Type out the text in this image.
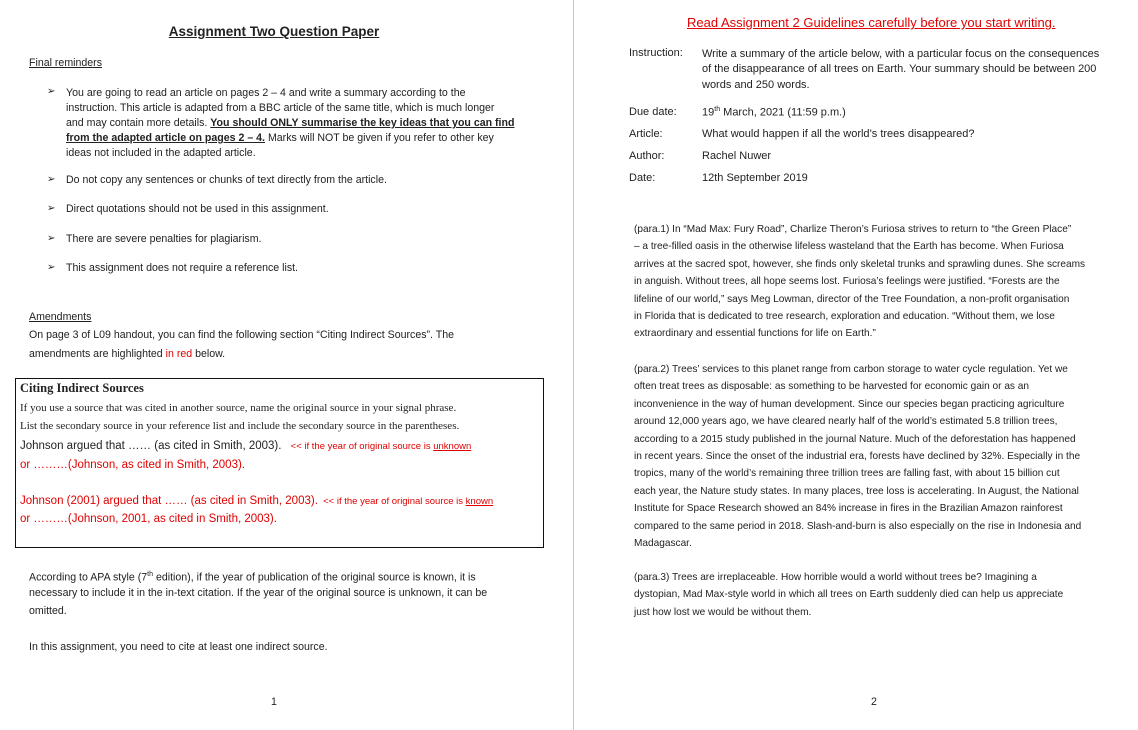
Assignment Two Question Paper
Final reminders
➢ You are going to read an article on pages 2 – 4 and write a summary according to the
instruction. This article is adapted from a BBC article of the same title, which is much longer
and may contain more details. You should ONLY summarise the key ideas that you can find
from the adapted article on pages 2 – 4. Marks will NOT be given if you refer to other key
ideas not included in the adapted article.
➢ Do not copy any sentences or chunks of text directly from the article.
➢ Direct quotations should not be used in this assignment.
➢ There are severe penalties for plagiarism.
➢ This assignment does not require a reference list.
Amendments
On page 3 of L09 handout, you can find the following section “Citing Indirect Sources”. The
amendments are highlighted in red below.
Citing Indirect Sources
If you use a source that was cited in another source, name the original source in your signal phrase.
List the secondary source in your reference list and include the secondary source in the parentheses.
Johnson argued that …… (as cited in Smith, 2003). << if the year of original source is unknown
or ………(Johnson, as cited in Smith, 2003).
Johnson (2001) argued that …… (as cited in Smith, 2003). << if the year of original source is known
or ………(Johnson, 2001, as cited in Smith, 2003).
According to APA style (7th edition), if the year of publication of the original source is known, it is
necessary to include it in the in-text citation. If the year of the original source is unknown, it can be
omitted.
In this assignment, you need to cite at least one indirect source.
1
Read Assignment 2 Guidelines carefully before you start writing.
Instruction: Write a summary of the article below, with a particular focus on the consequences
of the disappearance of all trees on Earth. Your summary should be between 200
words and 250 words.
Due date: 19th March, 2021 (11:59 p.m.)
Article:	What would happen if all the world’s trees disappeared?
Author:	Rachel Nuwer
Date:	12th September 2019
(para.1) In “Mad Max: Fury Road”, Charlize Theron’s Furiosa strives to return to “the Green Place”
– a tree-filled oasis in the otherwise lifeless wasteland that the Earth has become. When Furiosa
arrives at the sacred spot, however, she finds only skeletal trunks and sprawling dunes. She screams
in anguish. Without trees, all hope seems lost. Furiosa’s feelings were justified. “Forests are the
lifeline of our world,” says Meg Lowman, director of the Tree Foundation, a non-profit organisation
in Florida that is dedicated to tree research, exploration and education. “Without them, we lose
extraordinary and essential functions for life on Earth.”
(para.2) Trees’ services to this planet range from carbon storage to water cycle regulation. Yet we
often treat trees as disposable: as something to be harvested for economic gain or as an
inconvenience in the way of human development. Since our species began practicing agriculture
around 12,000 years ago, we have cleared nearly half of the world’s estimated 5.8 trillion trees,
according to a 2015 study published in the journal Nature. Much of the deforestation has happened
in recent years. Since the onset of the industrial era, forests have declined by 32%. Especially in the
tropics, many of the world’s remaining three trillion trees are falling fast, with about 15 billion cut
each year, the Nature study states. In many places, tree loss is accelerating. In August, the National
Institute for Space Research showed an 84% increase in fires in the Brazilian Amazon rainforest
compared to the same period in 2018. Slash-and-burn is also especially on the rise in Indonesia and
Madagascar.
(para.3) Trees are irreplaceable. How horrible would a world without trees be? Imagining a
dystopian, Mad Max-style world in which all trees on Earth suddenly died can help us appreciate
just how lost we would be without them.
2
